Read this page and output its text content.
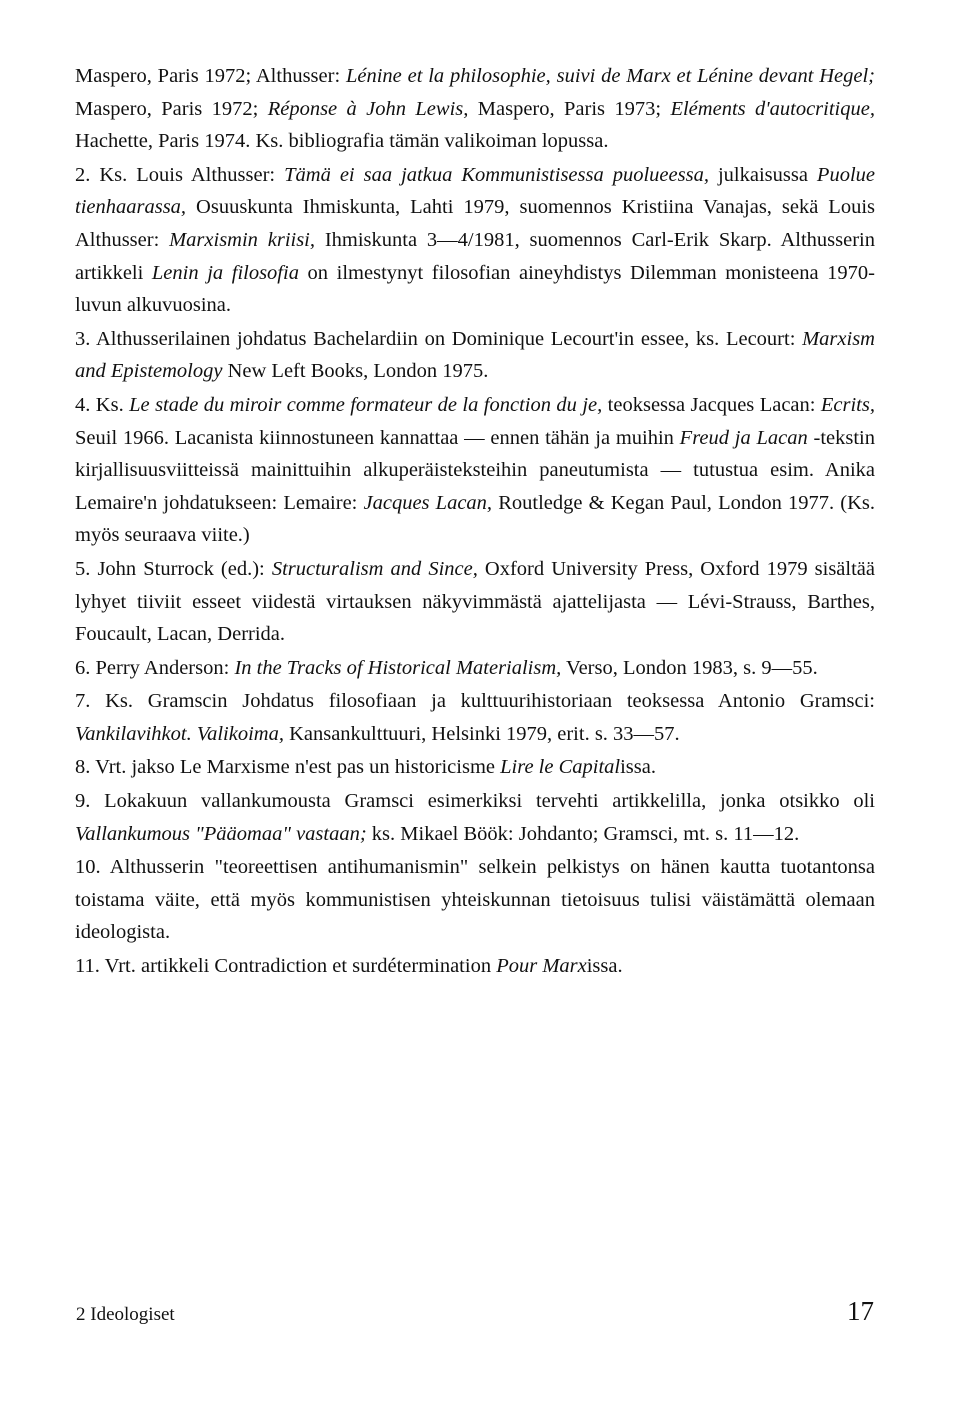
Maspero, Paris 1972; Althusser: Lénine et la philosophie, suivi de Marx et Lénine devant Hegel; Maspero, Paris 1972; Réponse à John Lewis, Maspero, Paris 1973; Eléments d'autocritique, Hachette, Paris 1974. Ks. bibliografia tämän valikoiman lopussa.

2. Ks. Louis Althusser: Tämä ei saa jatkua Kommunistisessa puolueessa, julkaisussa Puolue tienhaarassa, Osuuskunta Ihmiskunta, Lahti 1979, suomennos Kristiina Vanajas, sekä Louis Althusser: Marxismin kriisi, Ihmiskunta 3—4/1981, suomennos Carl-Erik Skarp. Althusserin artikkeli Lenin ja filosofia on ilmestynyt filosofian aineyhdistys Dilemman monisteena 1970-luvun alkuvuosina.

3. Althusserilainen johdatus Bachelardiin on Dominique Lecourt'in essee, ks. Lecourt: Marxism and Epistemology New Left Books, London 1975.

4. Ks. Le stade du miroir comme formateur de la fonction du je, teoksessa Jacques Lacan: Ecrits, Seuil 1966. Lacanista kiinnostuneen kannattaa — ennen tähän ja muihin Freud ja Lacan -tekstin kirjallisuusviitteissä mainittuihin alkuperäisteksteihin paneutumista — tutustua esim. Anika Lemaire'n johdatukseen: Lemaire: Jacques Lacan, Routledge & Kegan Paul, London 1977. (Ks. myös seuraava viite.)

5. John Sturrock (ed.): Structuralism and Since, Oxford University Press, Oxford 1979 sisältää lyhyet tiiviit esseet viidestä virtauksen näkyvimmästä ajattelijasta — Lévi-Strauss, Barthes, Foucault, Lacan, Derrida.

6. Perry Anderson: In the Tracks of Historical Materialism, Verso, London 1983, s. 9—55.

7. Ks. Gramscin Johdatus filosofiaan ja kulttuurihistoriaan teoksessa Antonio Gramsci: Vankilavihkot. Valikoima, Kansankulttuuri, Helsinki 1979, erit. s. 33—57.

8. Vrt. jakso Le Marxisme n'est pas un historicisme Lire le Capitalissa.

9. Lokakuun vallankumousta Gramsci esimerkiksi tervehti artikkelilla, jonka otsikko oli Vallankumous "Pääomaa" vastaan; ks. Mikael Böök: Johdanto; Gramsci, mt. s. 11—12.

10. Althusserin "teoreettisen antihumanismin" selkein pelkistys on hänen kautta tuotantonsa toistama väite, että myös kommunistisen yhteiskunnan tietoisuus tulisi väistämättä olemaan ideologista.

11. Vrt. artikkeli Contradiction et surdétermination Pour Marxissa.

2 Ideologiset	17
